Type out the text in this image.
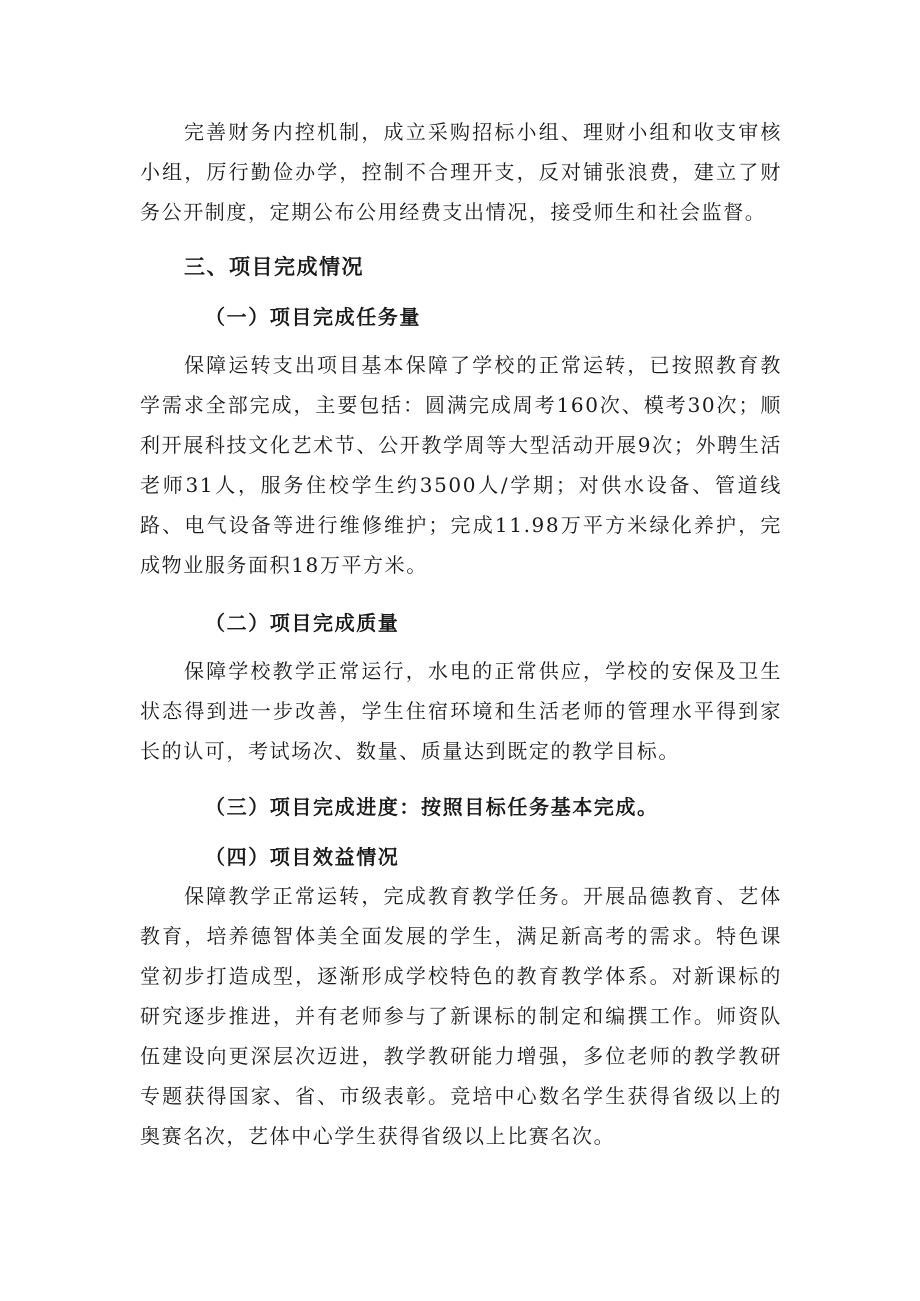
完善财务内控机制，成立采购招标小组、理财小组和收支审核小组，厉行勤俭办学，控制不合理开支，反对铺张浪费，建立了财务公开制度，定期公布公用经费支出情况，接受师生和社会监督。

三、项目完成情况
（一）项目完成任务量

保障运转支出项目基本保障了学校的正常运转，已按照教育教学需求全部完成，主要包括：圆满完成周考160次、模考30次；顺利开展科技文化艺术节、公开教学周等大型活动开展9次；外聘生活老师31人，服务住校学生约3500人/学期；对供水设备、管道线路、电气设备等进行维修维护；完成11.98万平方米绿化养护，完成物业服务面积18万平方米。

（二）项目完成质量

保障学校教学正常运行，水电的正常供应，学校的安保及卫生状态得到进一步改善，学生住宿环境和生活老师的管理水平得到家长的认可，考试场次、数量、质量达到既定的教学目标。

（三）项目完成进度：按照目标任务基本完成。
（四）项目效益情况

保障教学正常运转，完成教育教学任务。开展品德教育、艺体教育，培养德智体美全面发展的学生，满足新高考的需求。特色课堂初步打造成型，逐渐形成学校特色的教育教学体系。对新课标的研究逐步推进，并有老师参与了新课标的制定和编撰工作。师资队伍建设向更深层次迈进，教学教研能力增强，多位老师的教学教研专题获得国家、省、市级表彰。竞培中心数名学生获得省级以上的奥赛名次，艺体中心学生获得省级以上比赛名次。
